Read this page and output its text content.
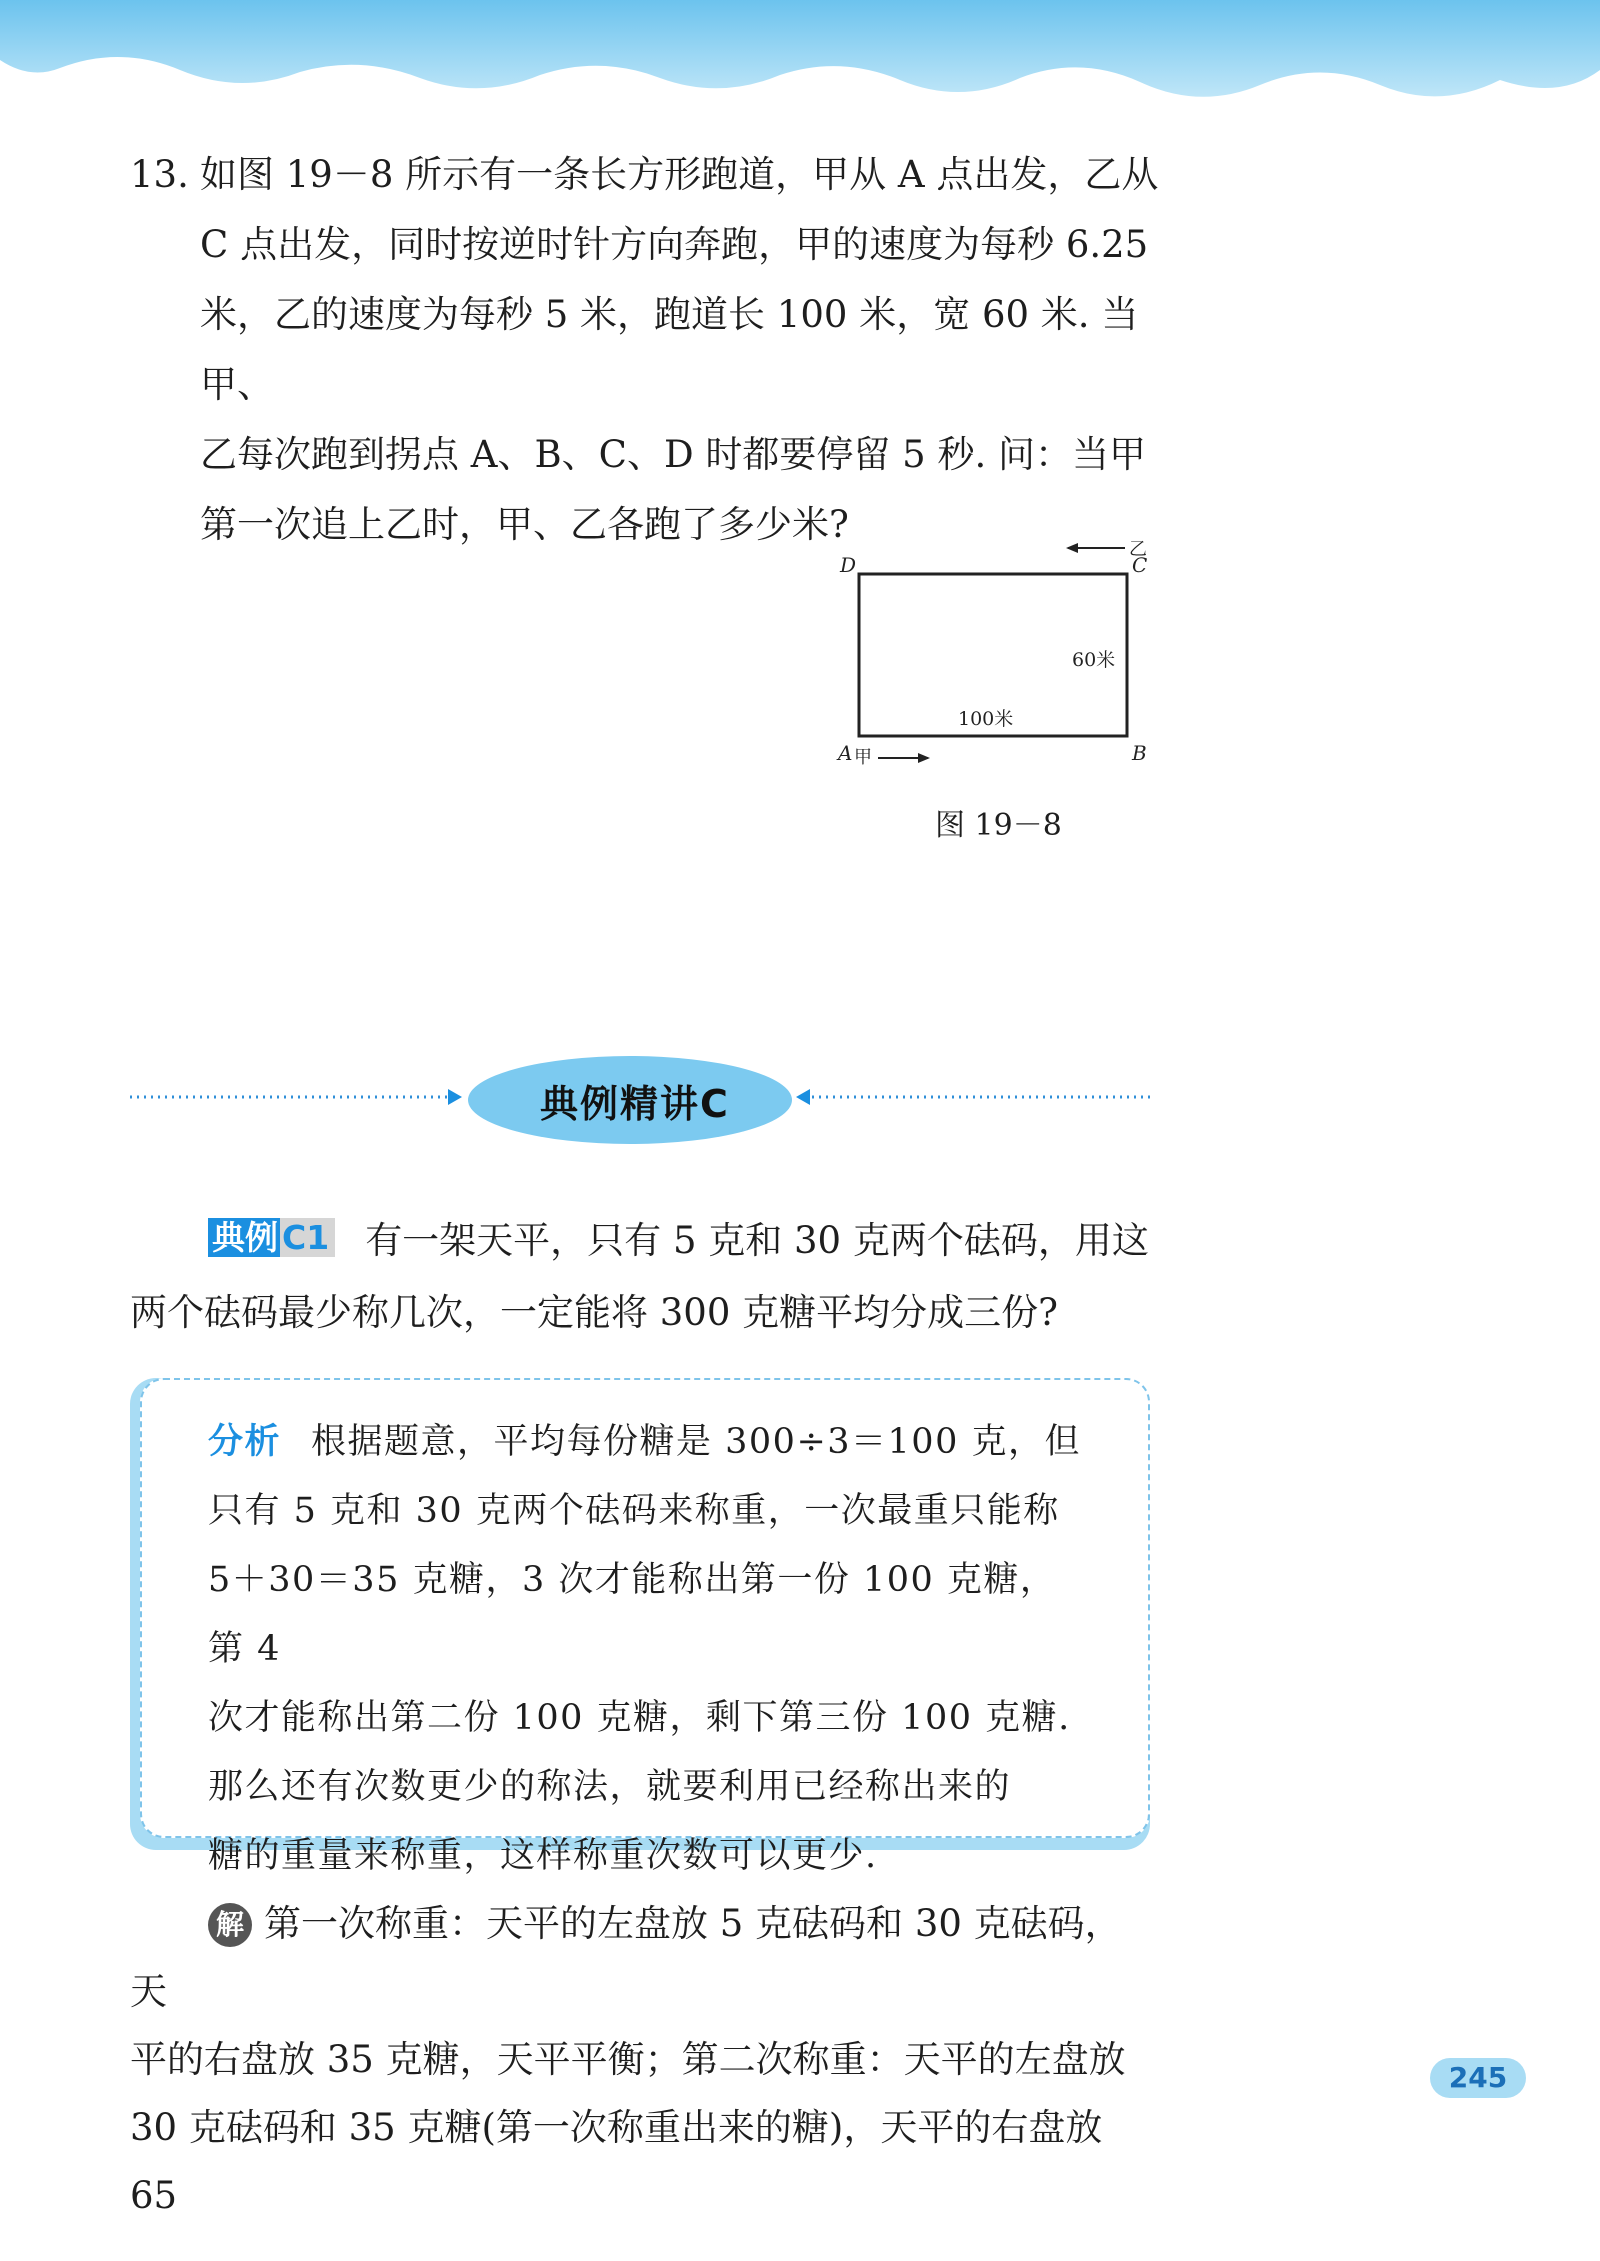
13. 如图 19－8 所示有一条长方形跑道，甲从 A 点出发，乙从
C 点出发，同时按逆时针方向奔跑，甲的速度为每秒 6.25
米，乙的速度为每秒 5 米，跑道长 100 米，宽 60 米. 当甲、
乙每次跑到拐点 A、B、C、D 时都要停留 5 秒. 问：当甲
第一次追上乙时，甲、乙各跑了多少米?
D	C
A	B
乙
甲
100米
60米
图 19－8
典例精讲C
典例 C1 有一架天平，只有 5 克和 30 克两个砝码，用这
两个砝码最少称几次，一定能将 300 克糖平均分成三份?
分析 根据题意，平均每份糖是 300÷3＝100 克，但
只有 5 克和 30 克两个砝码来称重，一次最重只能称
5＋30＝35 克糖，3 次才能称出第一份 100 克糖，第 4
次才能称出第二份 100 克糖，剩下第三份 100 克糖.
那么还有次数更少的称法，就要利用已经称出来的
糖的重量来称重，这样称重次数可以更少.
解 第一次称重：天平的左盘放 5 克砝码和 30 克砝码，天
平的右盘放 35 克糖，天平平衡；第二次称重：天平的左盘放
30 克砝码和 35 克糖(第一次称重出来的糖)，天平的右盘放 65
245
